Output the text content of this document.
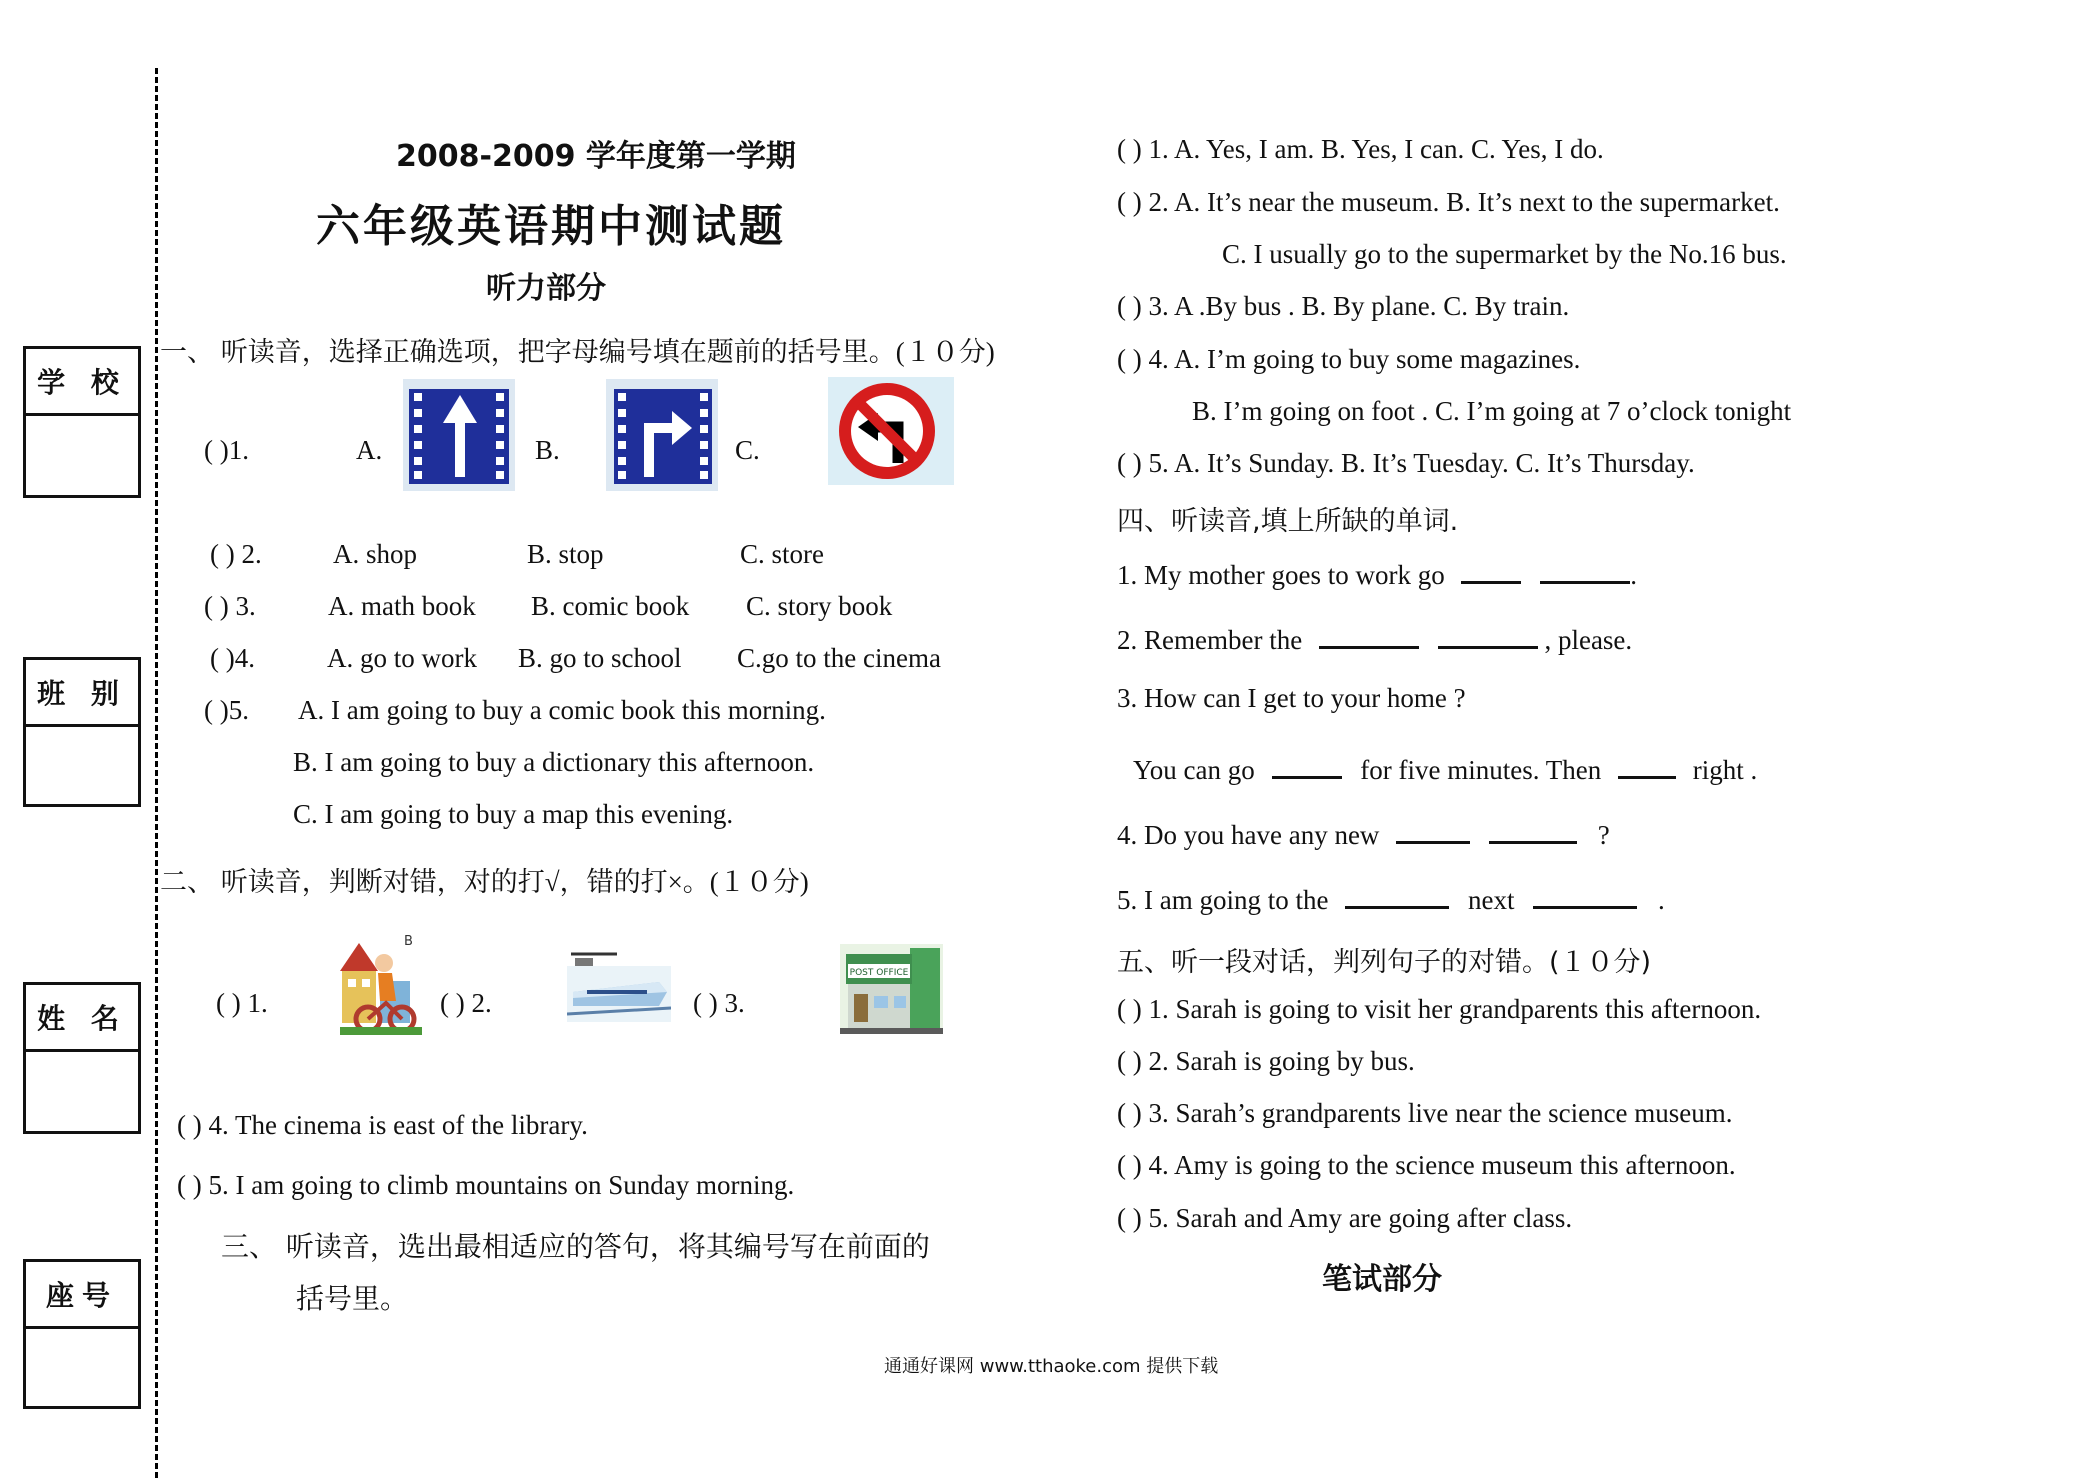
学 校
班 别
姓 名
座号
2008-2009 学年度第一学期
六年级英语期中测试题
听力部分
一、 听读音，选择正确选项，把字母编号填在题前的括号里。(１０分)
( )1.	A.	B.	C.
( ) 2.	A. shop	B. stop	C. store
( ) 3.	A. math book B. comic book C. story book
( )4.	A. go to work B. go to school C.go to the cinema
( )5. A. I am going to buy a comic book this morning.
B. I am going to buy a dictionary this afternoon.
C. I am going to buy a map this evening.
二、 听读音，判断对错，对的打√，错的打×。(１０分)
( ) 1.
B
( ) 2.	( ) 3.
POST OFFICE
( ) 4. The cinema is east of the library.
( ) 5. I am going to climb mountains on Sunday morning.
三、 听读音，选出最相适应的答句，将其编号写在前面的
括号里。
( ) 1. A. Yes, I am. B. Yes, I can. C. Yes, I do.
( ) 2. A. It’s near the museum. B. It’s next to the supermarket.
C. I usually go to the supermarket by the No.16 bus.
( ) 3. A .By bus . B. By plane. C. By train.
( ) 4. A. I’m going to buy some magazines.
B. I’m going on foot . C. I’m going at 7 o’clock tonight
( ) 5. A. It’s Sunday. B. It’s Tuesday. C. It’s Thursday.
四、听读音,填上所缺的单词.
1. My mother goes to work go	.
2. Remember the	, please.
3. How can I get to your home ?
You can go	for five minutes. Then	right .
4. Do you have any new	?
5. I am going to the	next	.
五、听一段对话，判列句子的对错。(１０分)
( ) 1. Sarah is going to visit her grandparents this afternoon.
( ) 2. Sarah is going by bus.
( ) 3. Sarah’s grandparents live near the science museum.
( ) 4. Amy is going to the science museum this afternoon.
( ) 5. Sarah and Amy are going after class.
笔试部分
通通好课网 www.tthaoke.com 提供下载
